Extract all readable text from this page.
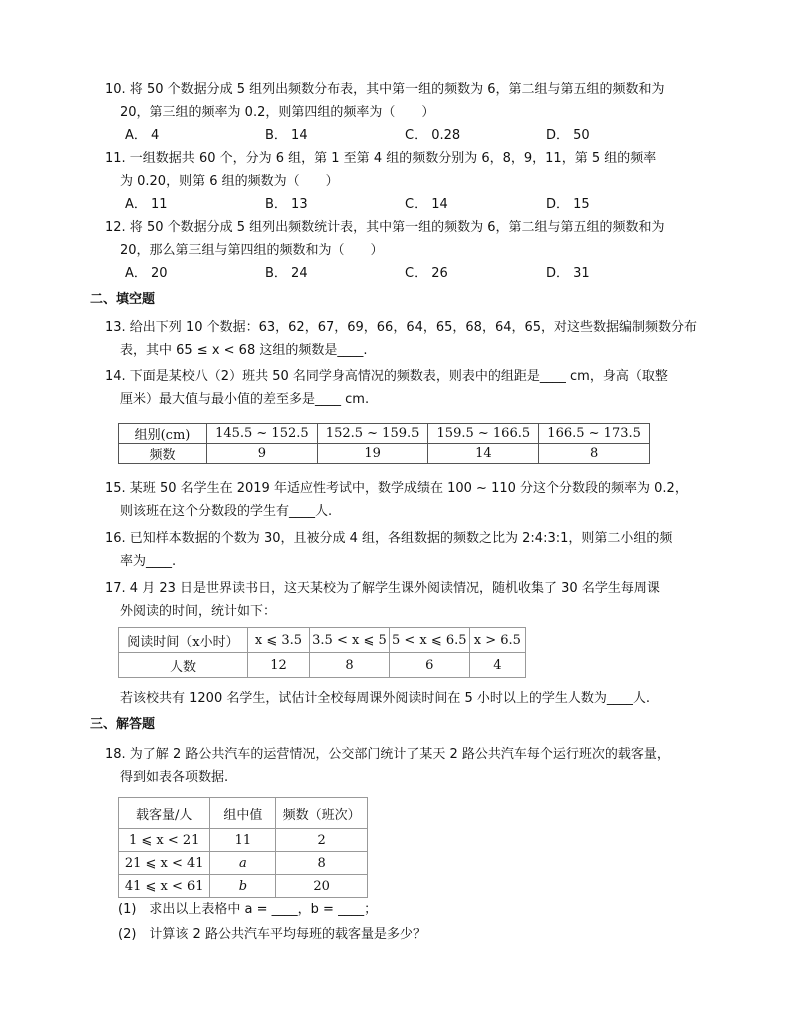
10. 将 50 个数据分成 5 组列出频数分布表，其中第一组的频数为 6，第二组与第五组的频数和为
20，第三组的频率为 0.2，则第四组的频率为（　　）
A． 4	B． 14	C． 0.28	D． 50
11. 一组数据共 60 个，分为 6 组，第 1 至第 4 组的频数分别为 6，8，9，11，第 5 组的频率
为 0.20，则第 6 组的频数为（　　）
A． 11	B． 13	C． 14	D． 15
12. 将 50 个数据分成 5 组列出频数统计表，其中第一组的频数为 6，第二组与第五组的频数和为
20，那么第三组与第四组的频数和为（　　）
A． 20	B． 24	C． 26	D． 31
二、填空题
13. 给出下列 10 个数据：63，62，67，69，66，64，65，68，64，65，对这些数据编制频数分布
表，其中 65 ≤ x < 68 这组的频数是____.
14. 下面是某校八（2）班共 50 名同学身高情况的频数表，则表中的组距是____ cm，身高（取整
厘米）最大值与最小值的差至多是____ cm.
组别(cm)	145.5 ~ 152.5	152.5 ~ 159.5	159.5 ~ 166.5	166.5 ~ 173.5
频数	9	19	14	8
15. 某班 50 名学生在 2019 年适应性考试中，数学成绩在 100 ~ 110 分这个分数段的频率为 0.2，
则该班在这个分数段的学生有____人.
16. 已知样本数据的个数为 30，且被分成 4 组，各组数据的频数之比为 2:4:3:1，则第二小组的频
率为____.
17. 4 月 23 日是世界读书日，这天某校为了解学生课外阅读情况，随机收集了 30 名学生每周课
外阅读的时间，统计如下：
阅读时间（x小时）	x ⩽ 3.5	3.5 < x ⩽ 5	5 < x ⩽ 6.5	x > 6.5
人数	12	8	6	4
若该校共有 1200 名学生，试估计全校每周课外阅读时间在 5 小时以上的学生人数为____人.
三、解答题
18. 为了解 2 路公共汽车的运营情况，公交部门统计了某天 2 路公共汽车每个运行班次的载客量，
得到如表各项数据.
载客量/人	组中值	频数（班次）
1 ⩽ x < 21	11	2
21 ⩽ x < 41	a	8
41 ⩽ x < 61	b	20
(1)　求出以上表格中 a = ____，b = ____；
(2)　计算该 2 路公共汽车平均每班的载客量是多少？
